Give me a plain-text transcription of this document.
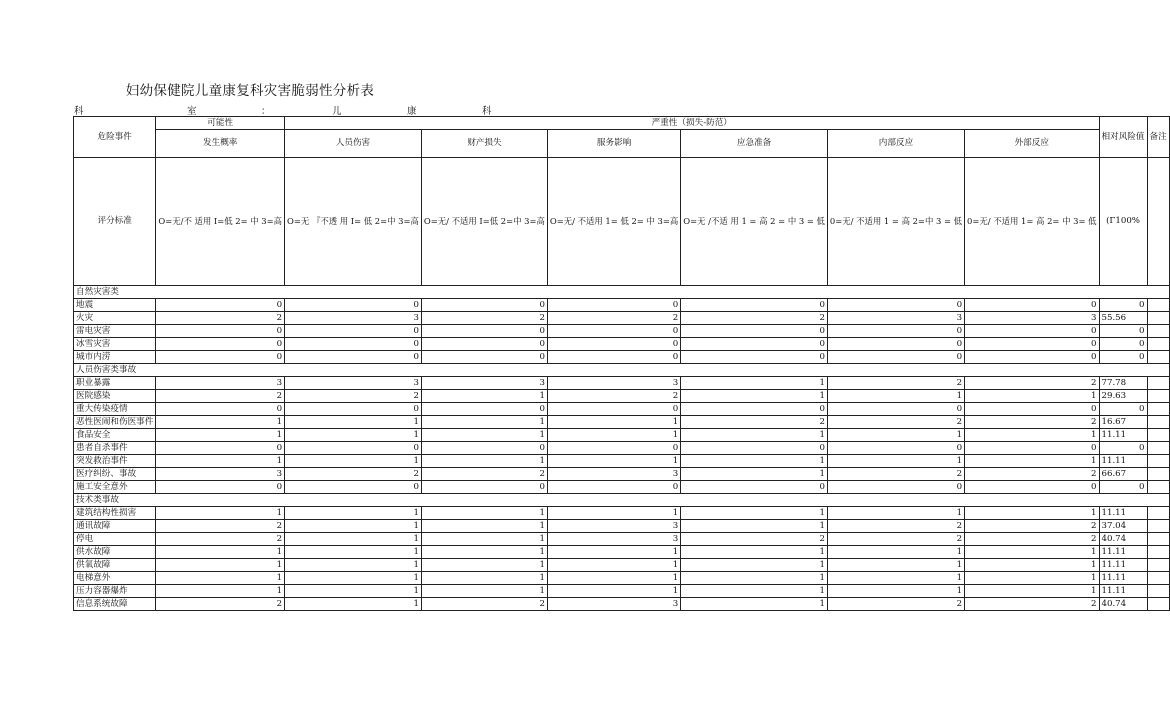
妇幼保健院儿童康复科灾害脆弱性分析表
科	室	：	儿	康	科
危险事件	可能性	严重性（损失-防范）						相对风险值	备注
	发生概率	人员伤害	财产损失	服务影响	应急准备	内部反应	外部反应		
评分标准	O=无/不 适用 I=低 2= 中 3=高	O=无 『不透 用 I= 低 2=中 3=高	O=无/ 不适用 I=低 2=中 3=高	O=无/ 不适用 1= 低 2= 中 3=高	O=无 /不适 用 1 = 高 2 = 中 3 = 低	0=无/ 不适用 1 = 高 2=中 3 = 低	0=无/ 不适用 1= 高 2= 中 3= 低	(Γ100%	
自然灾害类									
地震	0	0	0	0	0	0	0	0	
火灾	2	3	2	2	2	3	3	55.56	
雷电灾害	0	0	0	0	0	0	0	0	
冰雪灾害	0	0	0	0	0	0	0	0	
城市内涝	0	0	0	0	0	0	0	0	
人员伤害类事故									
职业暴露	3	3	3	3	1	2	2	77.78	
医院感染	2	2	1	2	1	1	1	29.63	
重大传染疫情	0	0	0	0	0	0	0	0	
恶性医闹和伤医事件	1	1	1	1	2	2	2	16.67	
食品安全	1	1	1	1	1	1	1	11.11	
患者自杀事件	0	0	0	0	0	0	0	0	
突发救治事件	1	1	1	1	1	1	1	11.11	
医疗纠纷、事故	3	2	2	3	1	2	2	66.67	
施工安全意外	0	0	0	0	0	0	0	0	
技术类事故									
建筑结构性损害	1	1	1	1	1	1	1	11.11	
通讯故障	2	1	1	3	1	2	2	37.04	
停电	2	1	1	3	2	2	2	40.74	
供水故障	1	1	1	1	1	1	1	11.11	
供氧故障	1	1	1	1	1	1	1	11.11	
电梯意外	1	1	1	1	1	1	1	11.11	
压力容器爆炸	1	1	1	1	1	1	1	11.11	
信息系统故障	2	1	2	3	1	2	2	40.74	
